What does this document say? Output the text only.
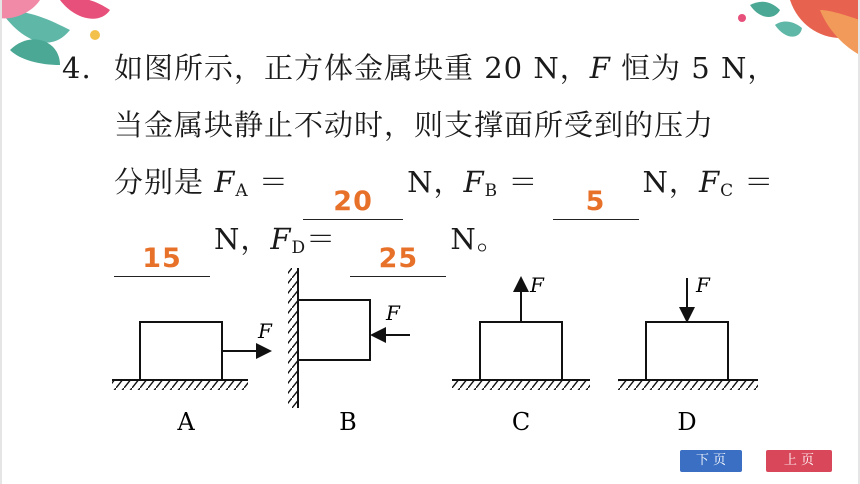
4. 如图所示，正方体金属块重 20 N，F 恒为 5 N，
当金属块静止不动时，则支撑面所受到的压力
分别是 $F_A$ ＝
20
N，$F_B$ ＝
5
N，$F_C$ ＝
15
N，$F_D=$
25
N。
F
A
F
B
F
C
F
D
下 页	上 页
